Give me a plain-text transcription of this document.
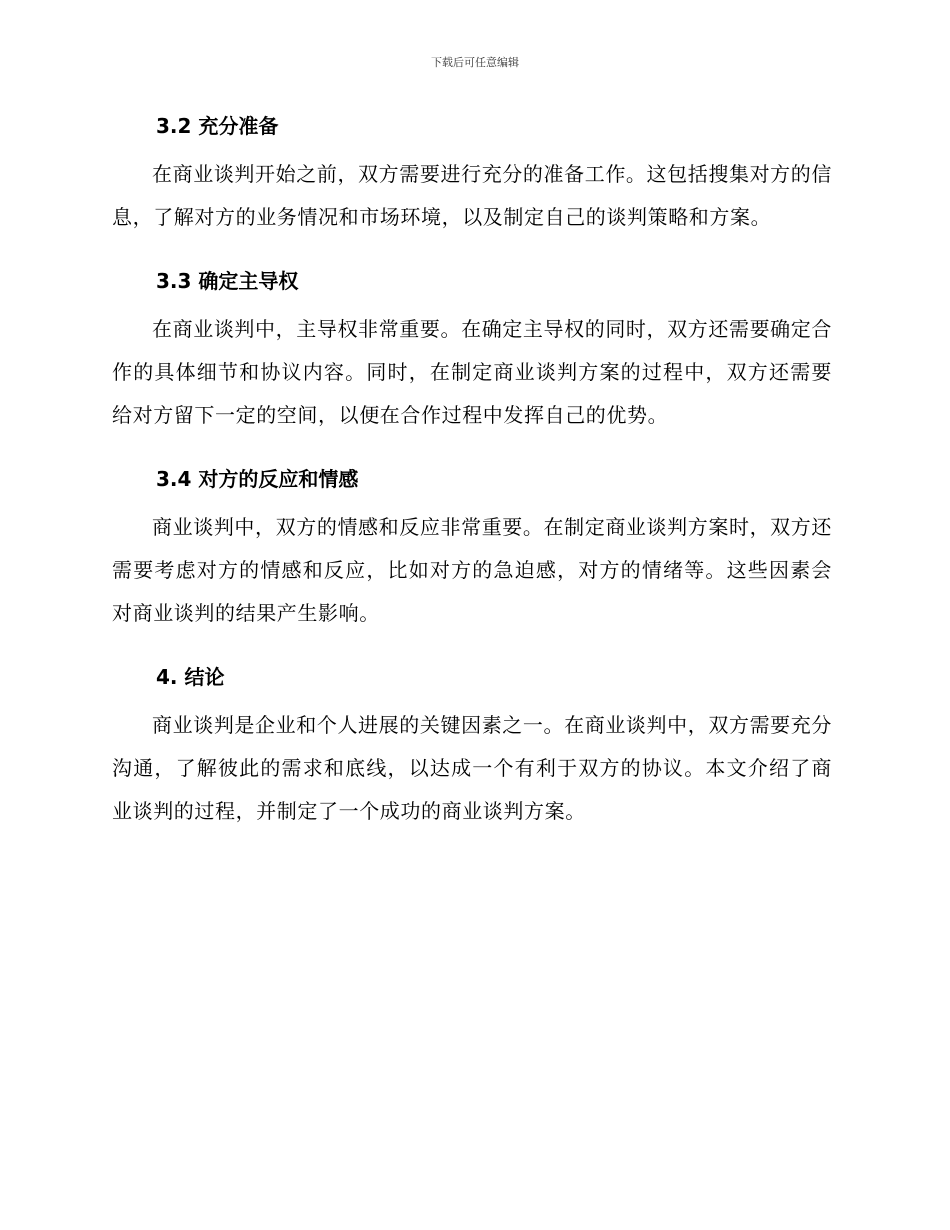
下载后可任意编辑
3.2 充分准备

在商业谈判开始之前，双方需要进行充分的准备工作。这包括搜集对方的信息，了解对方的业务情况和市场环境，以及制定自己的谈判策略和方案。

3.3 确定主导权

在商业谈判中，主导权非常重要。在确定主导权的同时，双方还需要确定合作的具体细节和协议内容。同时，在制定商业谈判方案的过程中，双方还需要给对方留下一定的空间，以便在合作过程中发挥自己的优势。

3.4 对方的反应和情感

商业谈判中，双方的情感和反应非常重要。在制定商业谈判方案时，双方还需要考虑对方的情感和反应，比如对方的急迫感，对方的情绪等。这些因素会对商业谈判的结果产生影响。

4. 结论

商业谈判是企业和个人进展的关键因素之一。在商业谈判中，双方需要充分沟通，了解彼此的需求和底线，以达成一个有利于双方的协议。本文介绍了商业谈判的过程，并制定了一个成功的商业谈判方案。
